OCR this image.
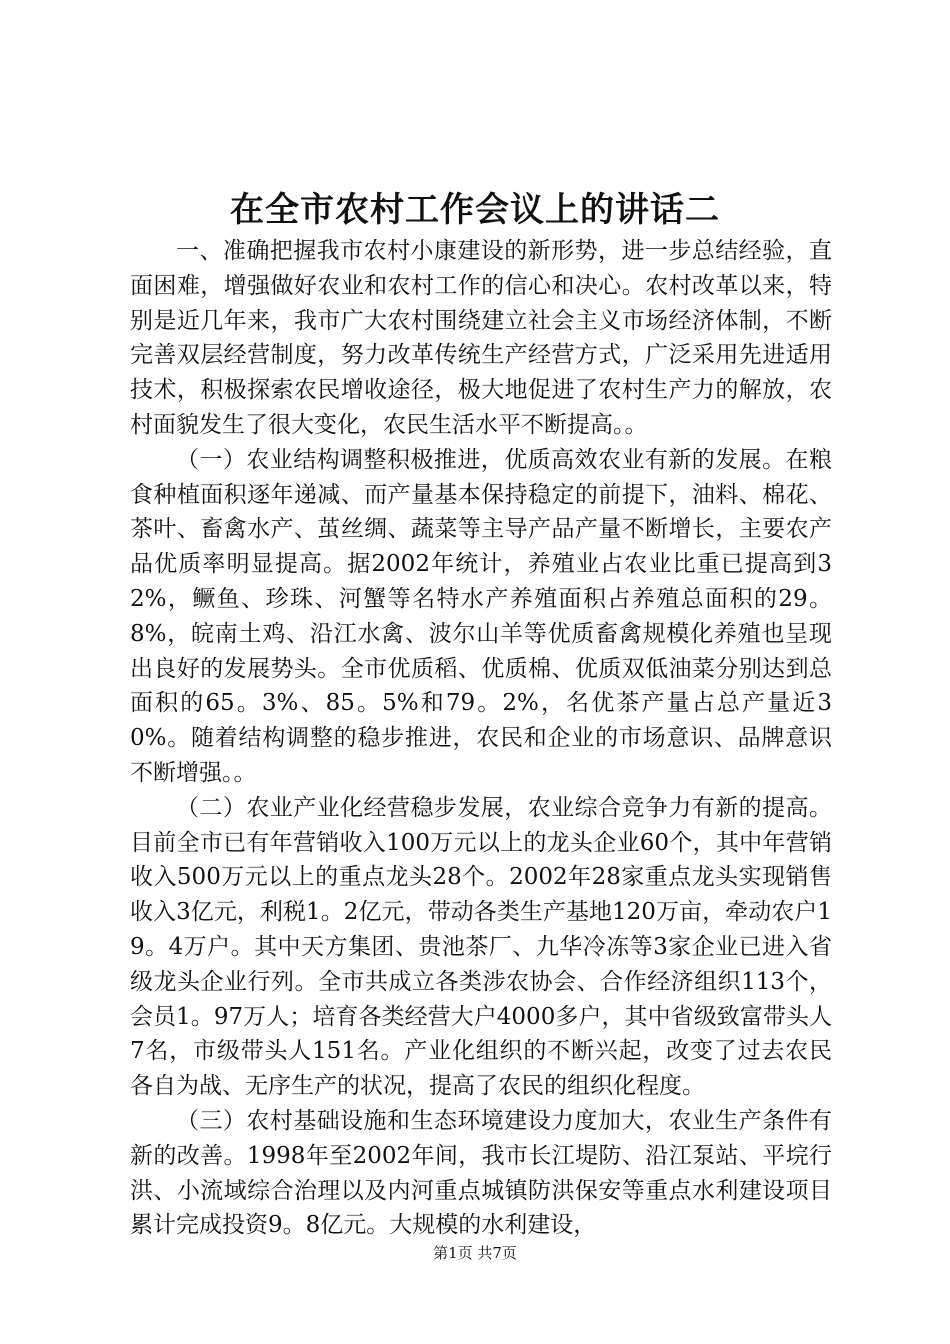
在全市农村工作会议上的讲话二

一、准确把握我市农村小康建设的新形势，进一步总结经验，直面困难，增强做好农业和农村工作的信心和决心。农村改革以来，特别是近几年来，我市广大农村围绕建立社会主义市场经济体制，不断完善双层经营制度，努力改革传统生产经营方式，广泛采用先进适用技术，积极探索农民增收途径，极大地促进了农村生产力的解放，农村面貌发生了很大变化，农民生活水平不断提高。。

（一）农业结构调整积极推进，优质高效农业有新的发展。在粮食种植面积逐年递减、而产量基本保持稳定的前提下，油料、棉花、茶叶、畜禽水产、茧丝绸、蔬菜等主导产品产量不断增长，主要农产品优质率明显提高。据2002年统计，养殖业占农业比重已提高到32%，鳜鱼、珍珠、河蟹等名特水产养殖面积占养殖总面积的29。8%，皖南土鸡、沿江水禽、波尔山羊等优质畜禽规模化养殖也呈现出良好的发展势头。全市优质稻、优质棉、优质双低油菜分别达到总面积的65。3%、85。5%和79。2%，名优茶产量占总产量近30%。随着结构调整的稳步推进，农民和企业的市场意识、品牌意识不断增强。。

（二）农业产业化经营稳步发展，农业综合竞争力有新的提高。目前全市已有年营销收入100万元以上的龙头企业60个，其中年营销收入500万元以上的重点龙头28个。2002年28家重点龙头实现销售收入3亿元，利税1。2亿元，带动各类生产基地120万亩，牵动农户19。4万户。其中天方集团、贵池茶厂、九华冷冻等3家企业已进入省级龙头企业行列。全市共成立各类涉农协会、合作经济组织113个，会员1。97万人；培育各类经营大户4000多户，其中省级致富带头人7名，市级带头人151名。产业化组织的不断兴起，改变了过去农民各自为战、无序生产的状况，提高了农民的组织化程度。

（三）农村基础设施和生态环境建设力度加大，农业生产条件有新的改善。1998年至2002年间，我市长江堤防、沿江泵站、平垸行洪、小流域综合治理以及内河重点城镇防洪保安等重点水利建设项目累计完成投资9。8亿元。大规模的水利建设，

第1页 共7页
